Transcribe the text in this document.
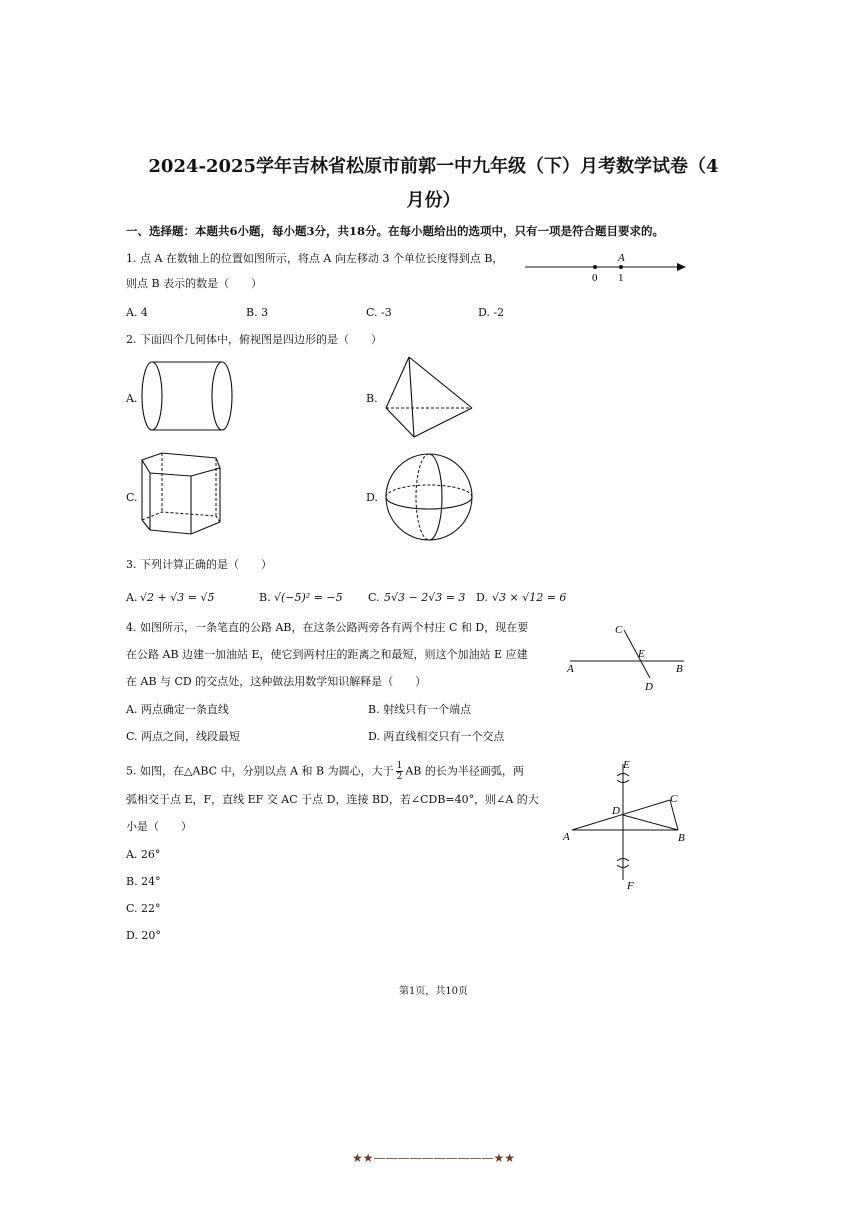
2024-2025学年吉林省松原市前郭一中九年级（下）月考数学试卷（4
月份）
一、选择题：本题共6小题，每小题3分，共18分。在每小题给出的选项中，只有一项是符合题目要求的。
1. 点 A 在数轴上的位置如图所示，将点 A 向左移动 3 个单位长度得到点 B，
则点 B 表示的数是（　　）
A. 4	B. 3	C. -3	D. -2
0 1
A
2. 下面四个几何体中，俯视图是四边形的是（　　）
A.	B.
C.	D.
3. 下列计算正确的是（　　）
A. √2 + √3 = √5	B. √(−5)² = −5 C. 5√3 − 2√3 = 3 D. √3 × √12 = 6
4. 如图所示，一条笔直的公路 AB，在这条公路两旁各有两个村庄 C 和 D，现在要
在公路 AB 边建一加油站 E，使它到两村庄的距离之和最短，则这个加油站 E 应建
在 AB 与 CD 的交点处，这种做法用数学知识解释是（　　）
A. 两点确定一条直线	B. 射线只有一个端点
C. 两点之间，线段最短	D. 两直线相交只有一个交点
C
E
A	B
D
5. 如图，在△ABC 中，分别以点 A 和 B 为圆心，大于 $\frac{1}{2}$ AB 的长为半径画弧，两
弧相交于点 E，F，直线 EF 交 AC 于点 D，连接 BD，若∠CDB=40°，则∠A 的大
小是（　　）
A. 26°
B. 24°
C. 22°
D. 20°
E
D
C
A	B
F
第1页，共10页
★★——————————★★
